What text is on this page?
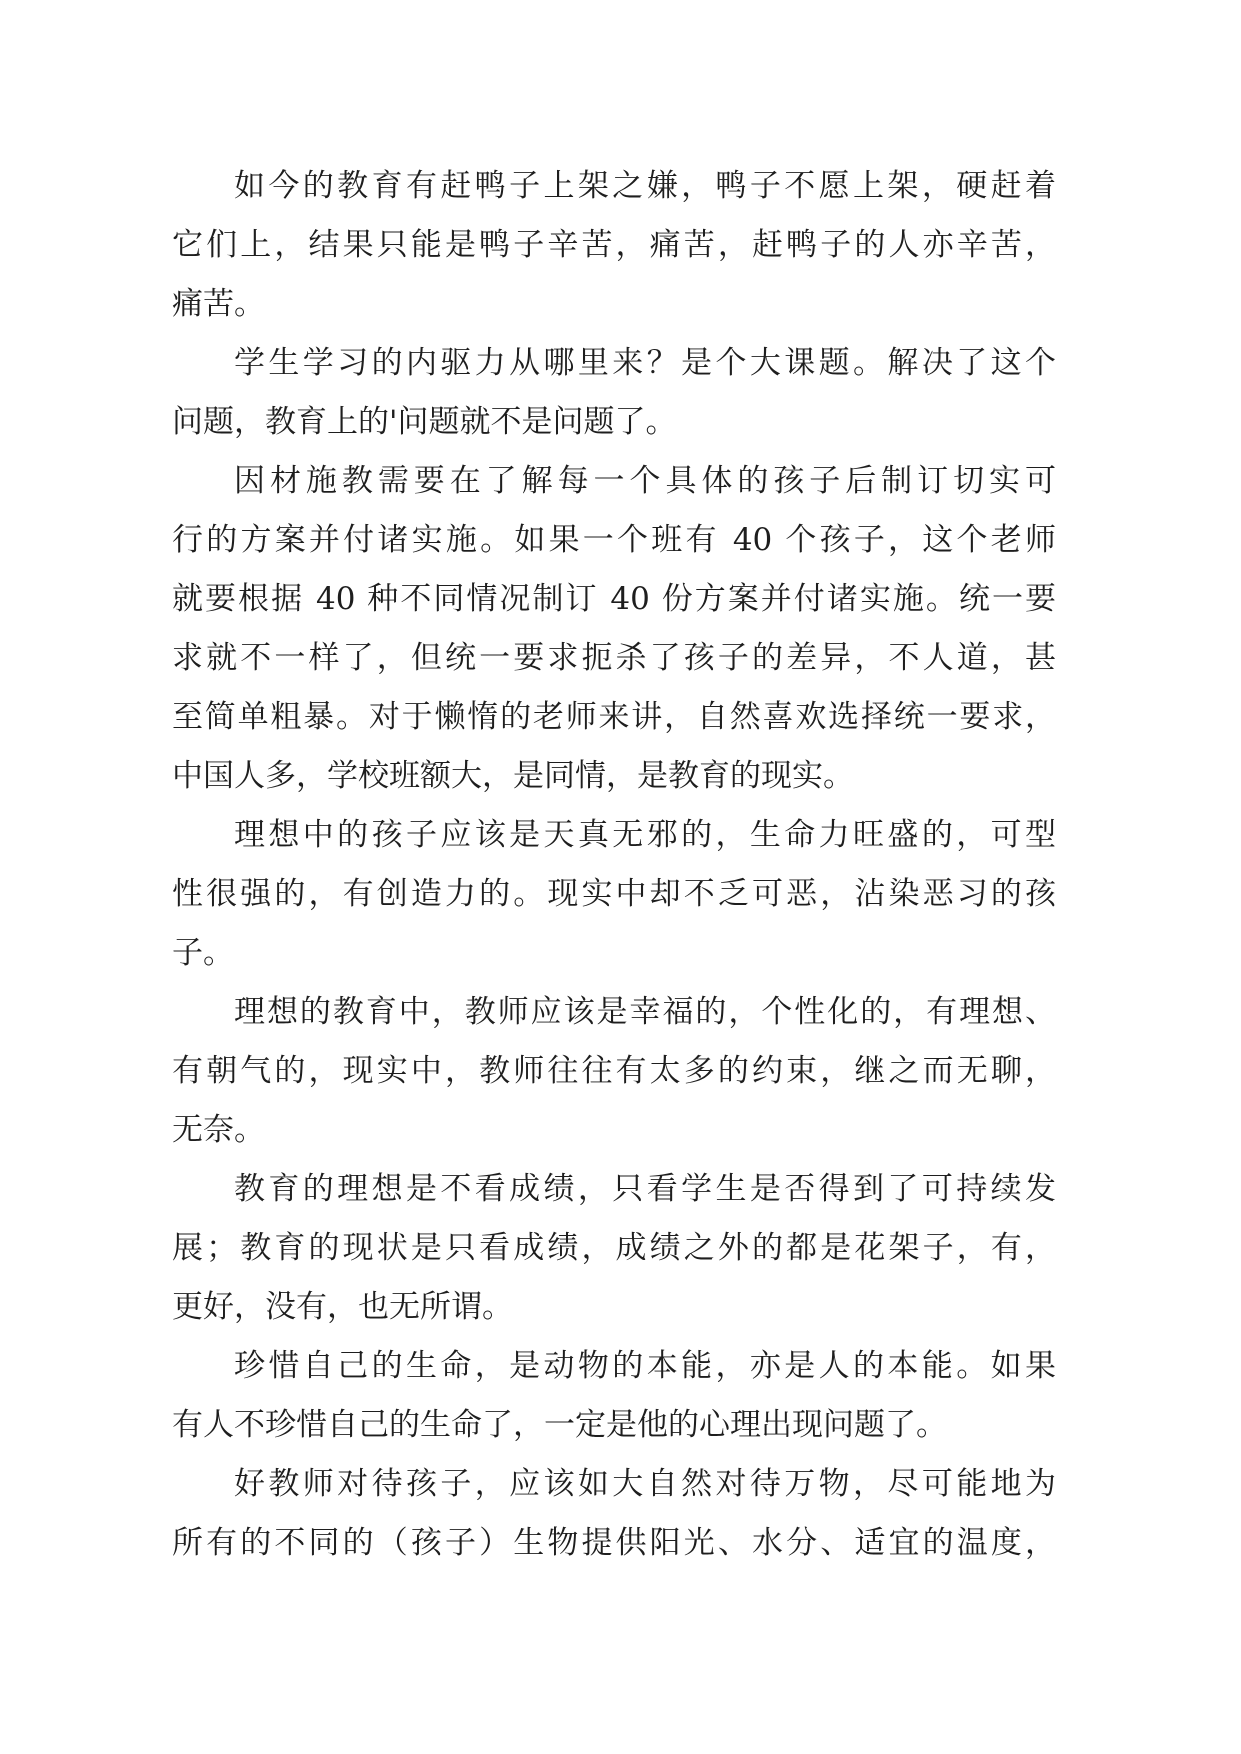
如今的教育有赶鸭子上架之嫌，鸭子不愿上架，硬赶着
它们上，结果只能是鸭子辛苦，痛苦，赶鸭子的人亦辛苦，
痛苦。
学生学习的内驱力从哪里来？是个大课题。解决了这个
问题，教育上的'问题就不是问题了。
因材施教需要在了解每一个具体的孩子后制订切实可
行的方案并付诸实施。如果一个班有 40 个孩子，这个老师
就要根据 40 种不同情况制订 40 份方案并付诸实施。统一要
求就不一样了，但统一要求扼杀了孩子的差异，不人道，甚
至简单粗暴。对于懒惰的老师来讲，自然喜欢选择统一要求，
中国人多，学校班额大，是同情，是教育的现实。
理想中的孩子应该是天真无邪的，生命力旺盛的，可型
性很强的，有创造力的。现实中却不乏可恶，沾染恶习的孩
子。
理想的教育中，教师应该是幸福的，个性化的，有理想、
有朝气的，现实中，教师往往有太多的约束，继之而无聊，
无奈。
教育的理想是不看成绩，只看学生是否得到了可持续发
展；教育的现状是只看成绩，成绩之外的都是花架子，有，
更好，没有，也无所谓。
珍惜自己的生命，是动物的本能，亦是人的本能。如果
有人不珍惜自己的生命了，一定是他的心理出现问题了。
好教师对待孩子，应该如大自然对待万物，尽可能地为
所有的不同的（孩子）生物提供阳光、水分、适宜的温度，
